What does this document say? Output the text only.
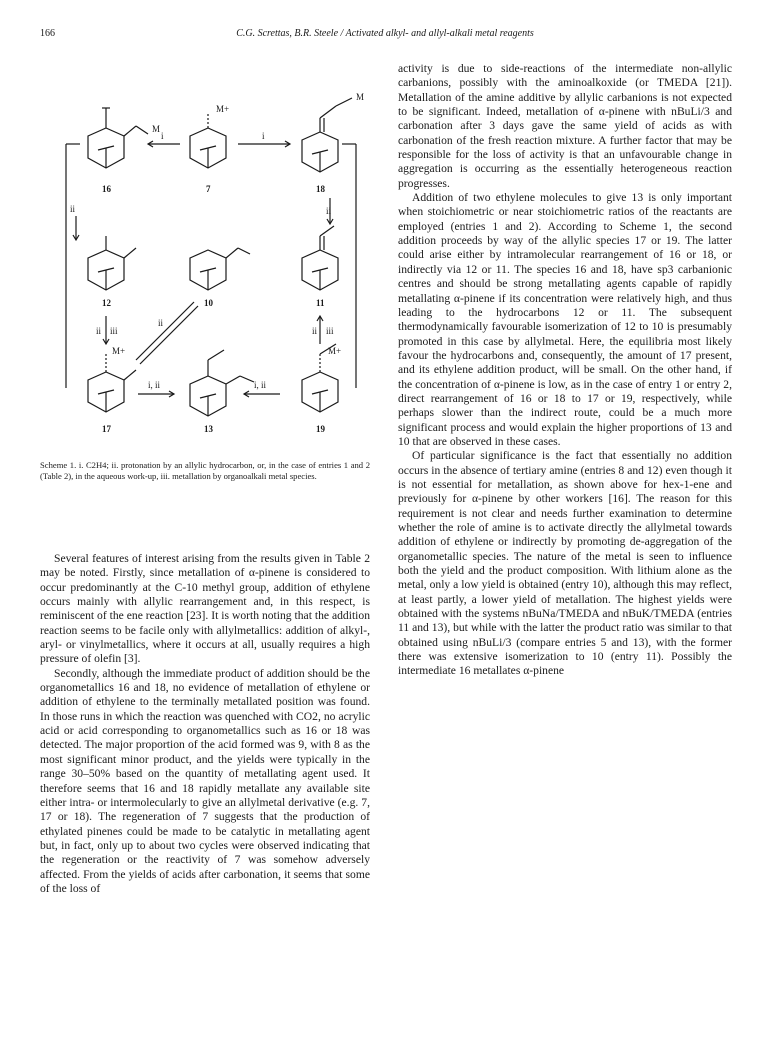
166	C.G. Screttas, B.R. Steele / Activated alkyl- and allyl-alkali metal reagents
16	7	18
12	10	11
17	13	19
M
M+
M
M+	M+
i	i
ii	ii
ii
ii	ii
iii	iii
i, ii	i, ii
Scheme 1. i. C2H4; ii. protonation by an allylic hydrocarbon, or, in the case of entries 1 and 2 (Table 2), in the aqueous work-up, iii. metallation by organoalkali metal species.

Several features of interest arising from the results given in Table 2 may be noted. Firstly, since metallation of α-pinene is considered to occur predominantly at the C-10 methyl group, addition of ethylene occurs mainly with allylic rearrangement and, in this respect, is reminiscent of the ene reaction [23]. It is worth noting that the addition reaction seems to be facile only with allylmetallics: addition of alkyl-, aryl- or vinylmetallics, where it occurs at all, usually requires a high pressure of olefin [3].

Secondly, although the immediate product of addition should be the organometallics 16 and 18, no evidence of metallation of ethylene or addition of ethylene to the terminally metallated position was found. In those runs in which the reaction was quenched with CO2, no acrylic acid or acid corresponding to organometallics such as 16 or 18 was detected. The major proportion of the acid formed was 9, with 8 as the most significant minor product, and the yields were typically in the range 30–50% based on the quantity of metallating agent used. It therefore seems that 16 and 18 rapidly metallate any available site either intra- or intermolecularly to give an allylmetal derivative (e.g. 7, 17 or 18). The regeneration of 7 suggests that the production of ethylated pinenes could be made to be catalytic in metallating agent but, in fact, only up to about two cycles were observed indicating that the regeneration or the reactivity of 7 was somehow adversely affected. From the yields of acids after carbonation, it seems that some of the loss of

activity is due to side-reactions of the intermediate non-allylic carbanions, possibly with the aminoalkoxide (or TMEDA [21]). Metallation of the amine additive by allylic carbanions is not expected to be significant. Indeed, metallation of α-pinene with nBuLi/3 and carbonation after 3 days gave the same yield of acids as with carbonation of the fresh reaction mixture. A further factor that may be responsible for the loss of activity is that an unfavourable change in aggregation is occurring as the essentially heterogeneous reaction progresses.

Addition of two ethylene molecules to give 13 is only important when stoichiometric or near stoichiometric ratios of the reactants are employed (entries 1 and 2). According to Scheme 1, the second addition proceeds by way of the allylic species 17 or 19. The latter could arise either by intramolecular rearrangement of 16 or 18, or indirectly via 12 or 11. The species 16 and 18, have sp3 carbanionic centres and should be strong metallating agents capable of rapidly metallating α-pinene if its concentration were relatively high, and thus leading to the hydrocarbons 12 or 11. The subsequent thermodynamically favourable isomerization of 12 to 10 is presumably promoted in this case by allylmetal. Here, the equilibria most likely favour the hydrocarbons and, consequently, the amount of 17 present, and its ethylene addition product, will be small. On the other hand, if the concentration of α-pinene is low, as in the case of entry 1 or entry 2, direct rearrangement of 16 or 18 to 17 or 19, respectively, while perhaps slower than the indirect route, could be a much more significant process and would explain the higher proportions of 13 and 10 that are observed in these cases.

Of particular significance is the fact that essentially no addition occurs in the absence of tertiary amine (entries 8 and 12) even though it is not essential for metallation, as shown above for hex-1-ene and previously for α-pinene by other workers [16]. The reason for this requirement is not clear and needs further examination to determine whether the role of amine is to activate directly the allylmetal towards addition of ethylene or indirectly by promoting de-aggregation of the organometallic species. The nature of the metal is seen to influence both the yield and the product composition. With lithium alone as the metal, only a low yield is obtained (entry 10), although this may reflect, at least partly, a lower yield of metallation. The highest yields were obtained with the systems nBuNa/TMEDA and nBuK/TMEDA (entries 11 and 13), but while with the latter the product ratio was similar to that obtained using nBuLi/3 (compare entries 5 and 13), with the former there was extensive isomerization to 10 (entry 11). Possibly the intermediate 16 metallates α-pinene
